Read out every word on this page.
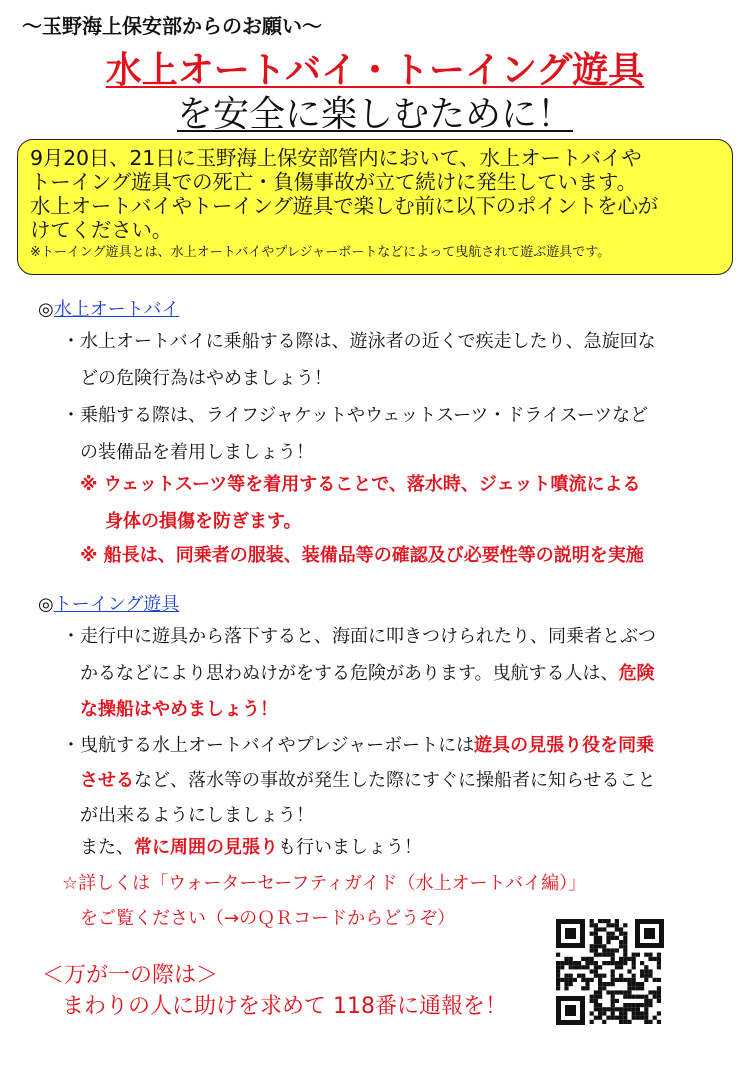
～玉野海上保安部からのお願い～
水上オートバイ・トーイング遊具
を安全に楽しむために！
9月20日、21日に玉野海上保安部管内において、水上オートバイや
トーイング遊具での死亡・負傷事故が立て続けに発生しています。
水上オートバイやトーイング遊具で楽しむ前に以下のポイントを心が
けてください。
※トーイング遊具とは、水上オートバイやプレジャーボートなどによって曳航されて遊ぶ遊具です。
◎水上オートバイ
・水上オートバイに乗船する際は、遊泳者の近くで疾走したり、急旋回な
どの危険行為はやめましょう！
・乗船する際は、ライフジャケットやウェットスーツ・ドライスーツなど
の装備品を着用しましょう！
※ ウェットスーツ等を着用することで、落水時、ジェット噴流による
身体の損傷を防ぎます。
※ 船長は、同乗者の服装、装備品等の確認及び必要性等の説明を実施
◎トーイング遊具
・走行中に遊具から落下すると、海面に叩きつけられたり、同乗者とぶつ
かるなどにより思わぬけがをする危険があります。曳航する人は、危険
な操船はやめましょう！
・曳航する水上オートバイやプレジャーボートには遊具の見張り役を同乗
させるなど、落水等の事故が発生した際にすぐに操船者に知らせること
が出来るようにしましょう！
また、常に周囲の見張りも行いましょう！
☆詳しくは「ウォーターセーフティガイド（水上オートバイ編）」
をご覧ください（→のＱＲコードからどうぞ）
＜万が一の際は＞
まわりの人に助けを求めて 118番に通報を！
